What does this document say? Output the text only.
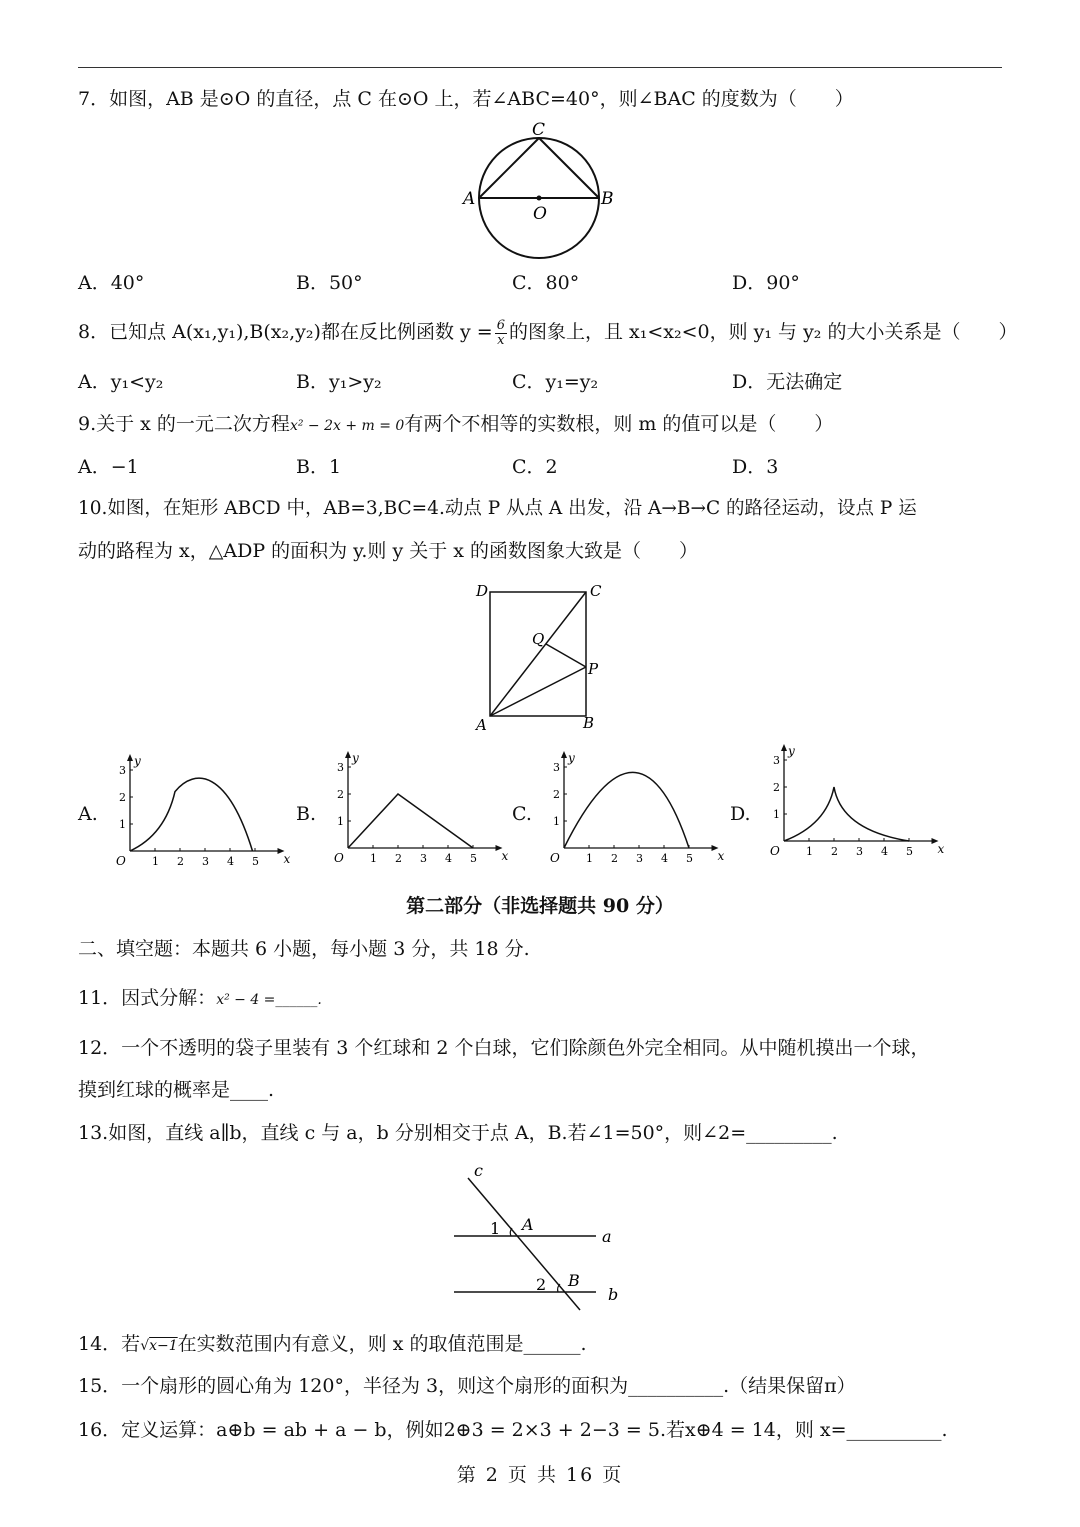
7．如图，AB 是⊙O 的直径，点 C 在⊙O 上，若∠ABC=40°，则∠BAC 的度数为（　　）
C
A	B
O
A．40°	B．50°	C．80°	D．90°
8．已知点 A(x₁,y₁),B(x₂,y₂)都在反比例函数 $y = \frac{6}{x}$ 的图象上，且 x₁<x₂<0，则 y₁ 与 y₂ 的大小关系是（　　）
A．y₁<y₂	B．y₁>y₂	C．y₁=y₂	D．无法确定
9.关于 x 的一元二次方程x² − 2x + m = 0有两个不相等的实数根，则 m 的值可以是（　　）
A．−1	B．1	C．2	D．3
10.如图，在矩形 ABCD 中，AB=3,BC=4.动点 P 从点 A 出发，沿 A→B→C 的路径运动，设点 P 运
动的路程为 x，△ADP 的面积为 y.则 y 关于 x 的函数图象大致是（　　）
D	C
Q
P
A	B
A.	B.	C.	D.
1 2 3 4 5
1
2
3
O	x
y
1 2 3 4 5
1
2
3
O	x
y
1 2 3 4 5
1
2
3
O	x
y
1 2 3 4 5
1
2
3
O	x
y
第二部分（非选择题共 90 分）
二、填空题：本题共 6 小题，每小题 3 分，共 18 分.
11．因式分解：x² − 4 =______.
12．一个不透明的袋子里装有 3 个红球和 2 个白球，它们除颜色外完全相同。从中随机摸出一个球，
摸到红球的概率是____.
13.如图，直线 a∥b，直线 c 与 a，b 分别相交于点 A，B.若∠1=50°，则∠2=_________.
c
1 A
a
2 B
b
14．若√x−1在实数范围内有意义，则 x 的取值范围是______.
15．一个扇形的圆心角为 120°，半径为 3，则这个扇形的面积为__________.（结果保留π）
16．定义运算：a⊕b = ab + a − b，例如2⊕3 = 2×3 + 2−3 = 5.若x⊕4 = 14，则 x=__________.
第 2 页 共 16 页
